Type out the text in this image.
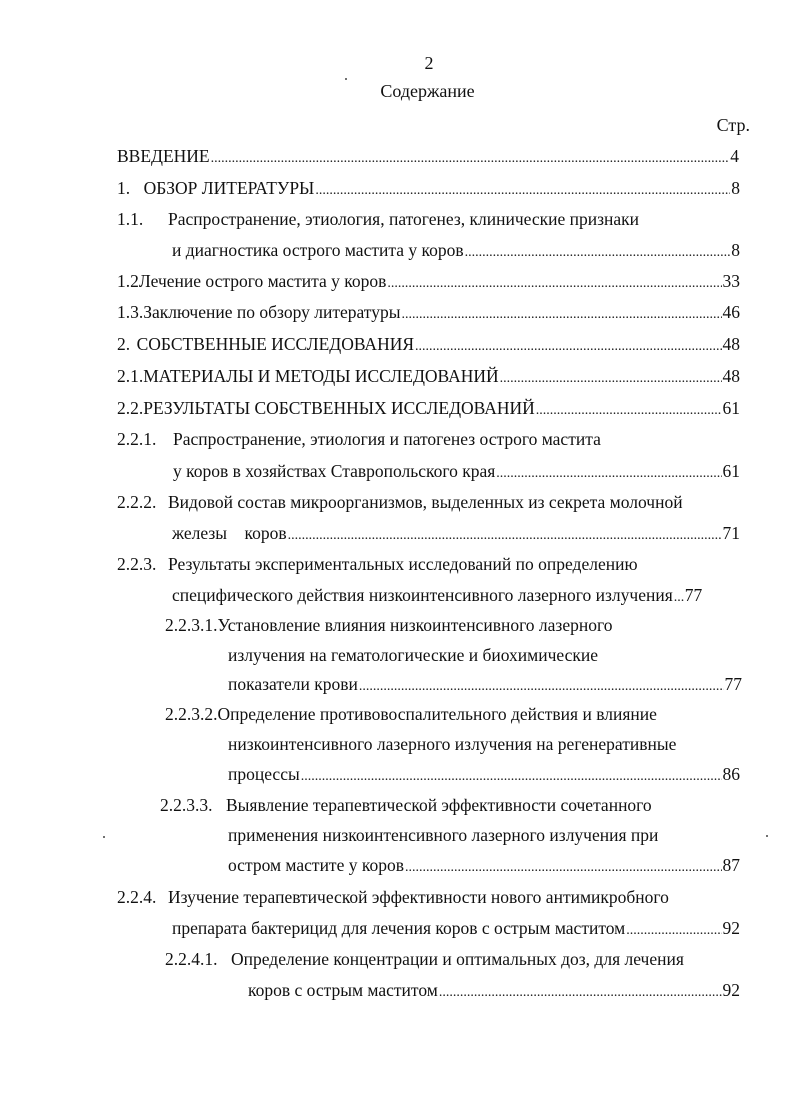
2
Содержание
Стр.
ВВЕДЕНИЕ .....	4
1. ОБЗОР ЛИТЕРАТУРЫ .....	8
1.1. Распространение, этиология, патогенез, клинические признаки
и диагностика острого мастита у коров .....	8
1.2 Лечение острого мастита у коров .....	33
1.3. Заключение по обзору литературы .....	46
2. СОБСТВЕННЫЕ ИССЛЕДОВАНИЯ .....	48
2.1. МАТЕРИАЛЫ И МЕТОДЫ ИССЛЕДОВАНИЙ .....	48
2.2. РЕЗУЛЬТАТЫ СОБСТВЕННЫХ ИССЛЕДОВАНИЙ .....	61
2.2.1. Распространение, этиология и патогенез острого мастита
у коров в хозяйствах Ставропольского края .....	61
2.2.2. Видовой состав микроорганизмов, выделенных из секрета молочной
железы    коров .....	71
2.2.3. Результаты экспериментальных исследований по определению
специфического действия низкоинтенсивного лазерного излучения ..... 77
2.2.3.1.Установление влияния низкоинтенсивного лазерного
излучения на гематологические и биохимические
показатели крови .....	77
2.2.3.2.Определение противовоспалительного действия и влияние
низкоинтенсивного лазерного излучения на регенеративные
процессы .....	86
2.2.3.3. Выявление терапевтической эффективности сочетанного
применения низкоинтенсивного лазерного излучения при
остром мастите у коров .....	87
2.2.4. Изучение терапевтической эффективности нового антимикробного
препарата бактерицид для лечения коров с острым маститом .....	92
2.2.4.1. Определение концентрации и оптимальных доз, для лечения
коров с острым маститом .....	92
